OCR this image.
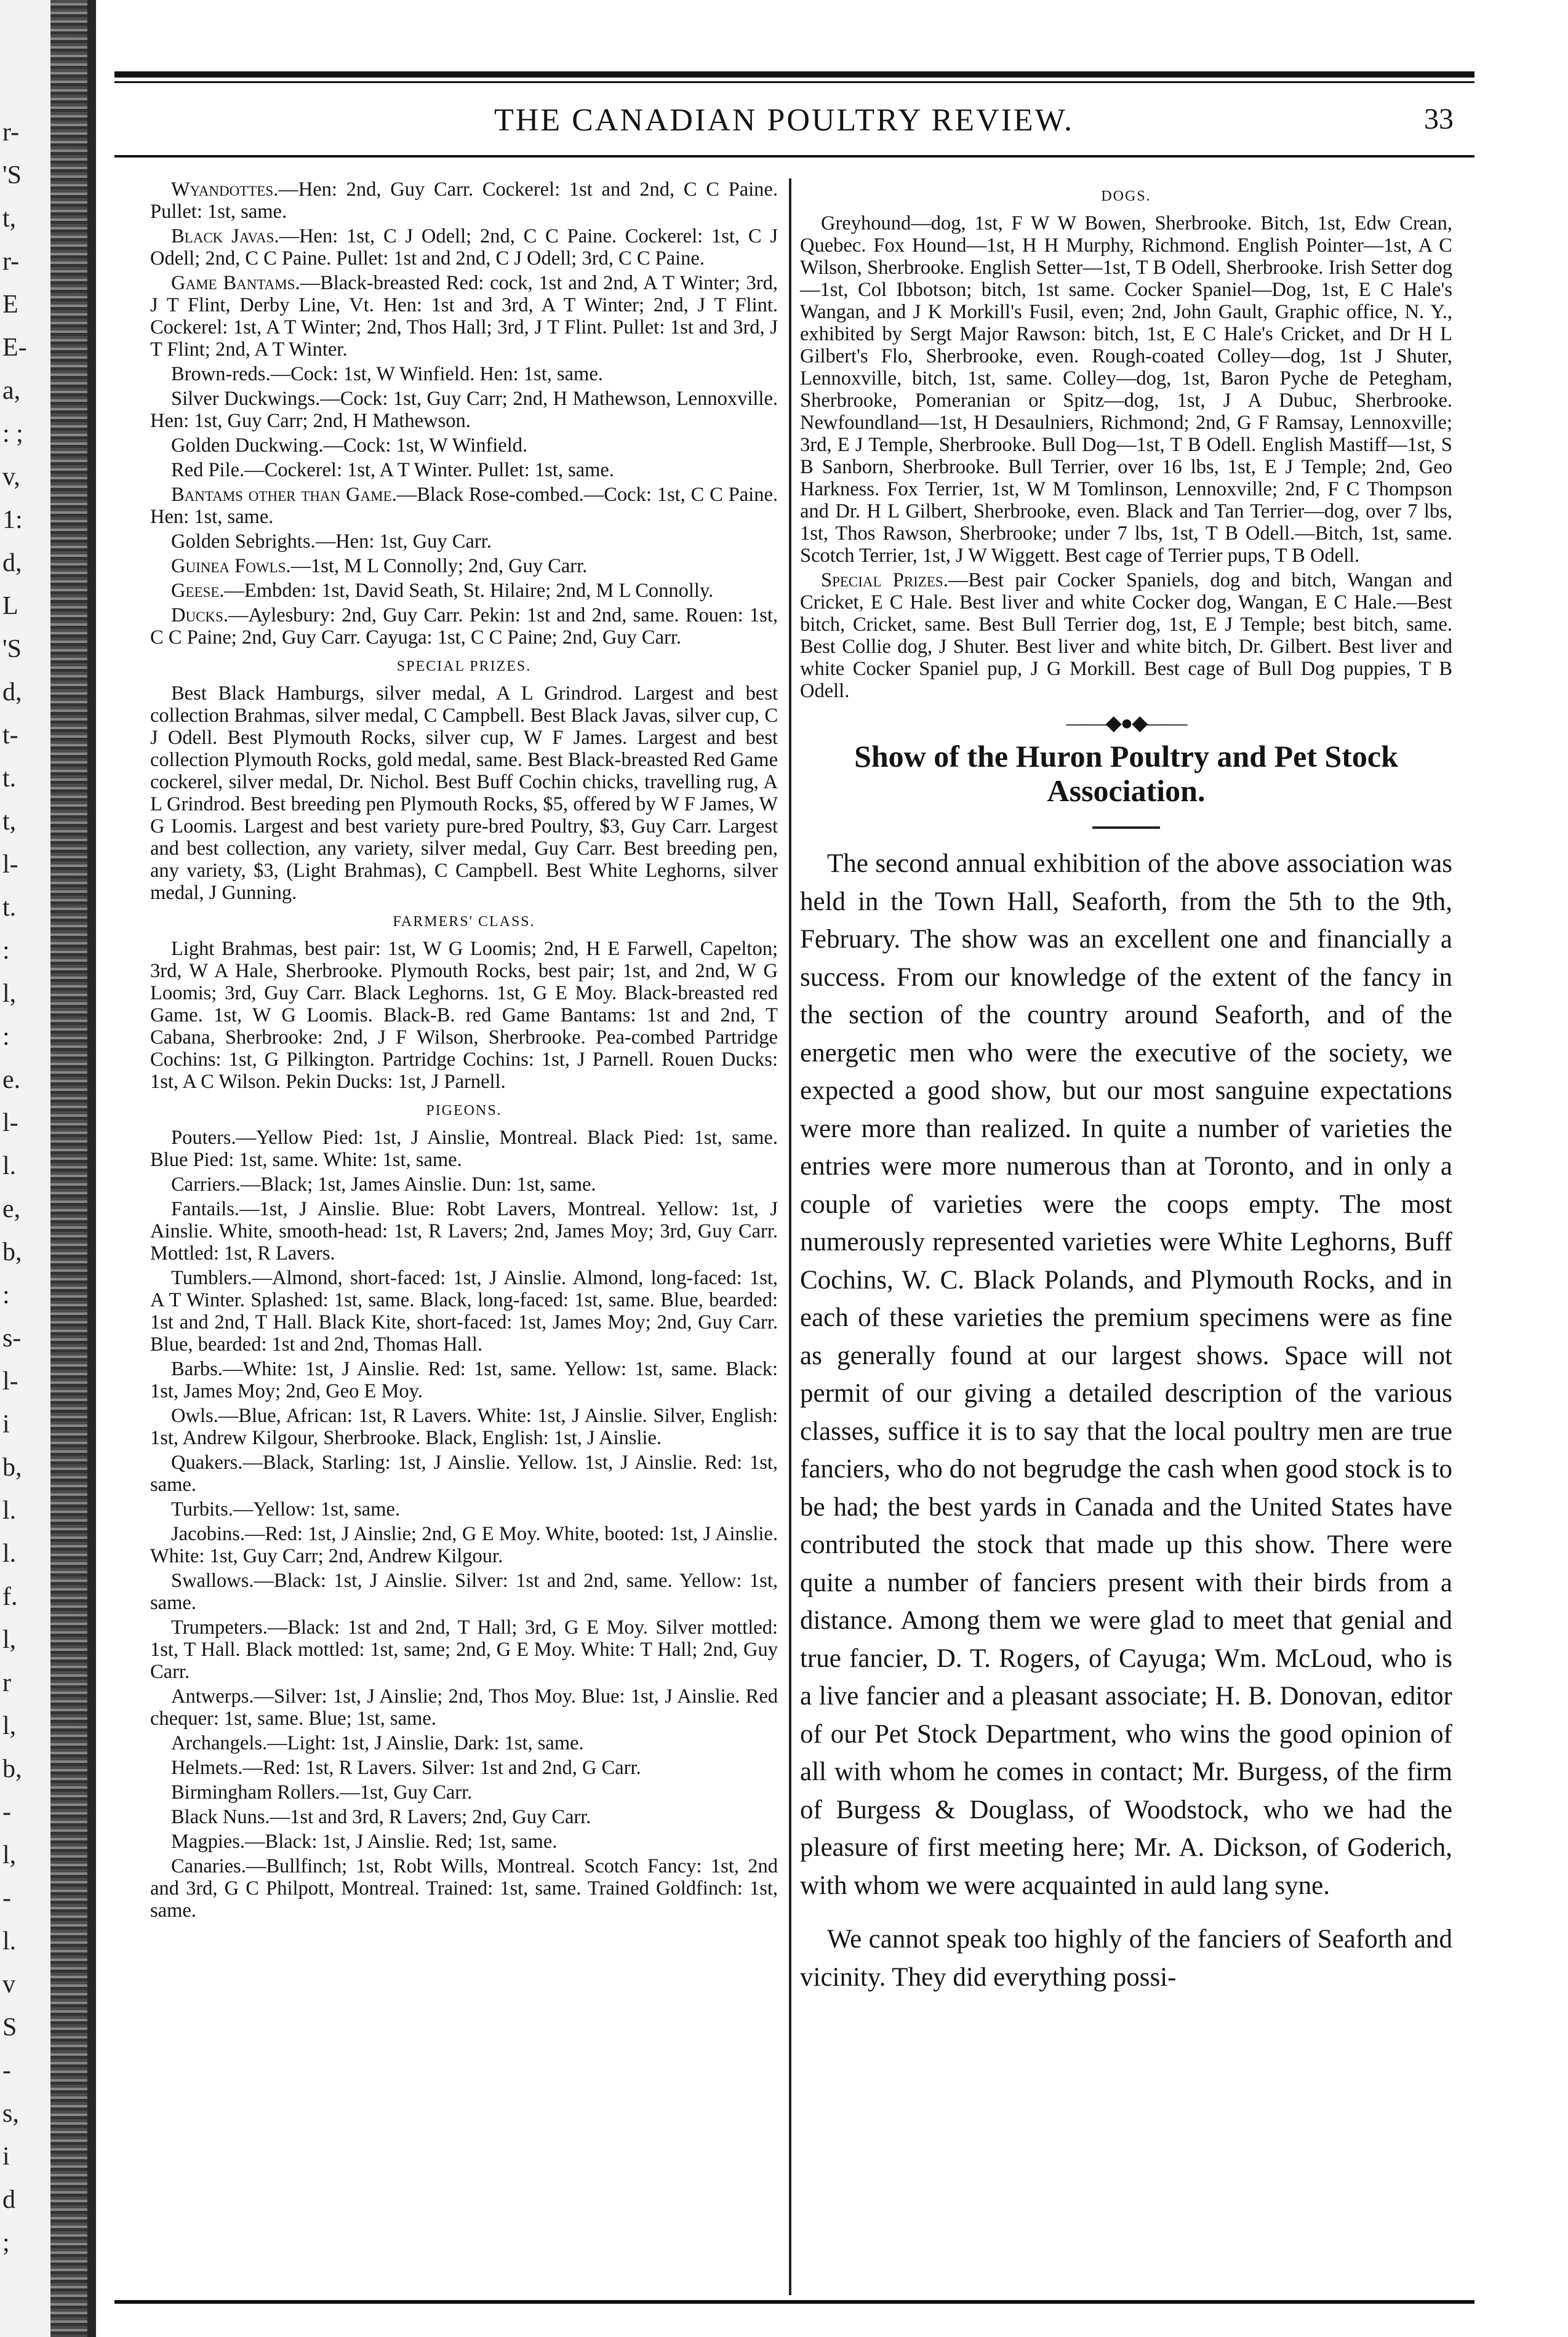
r-
'S
t,
r-
E
E-
a,
: ;
v,
1:
d,
L
'S
d,
t-
t.
t,
l-
t.
:
l,
:
e.
l-
l.
e,
b,
:
s-
l-
i
b,
l.
l.
f.
l,
r
l,
b,
-
l,
-
l.
v
S
-
s,
i
d
;
THE CANADIAN POULTRY REVIEW.	33

Wyandottes.—Hen: 2nd, Guy Carr. Cockerel: 1st and 2nd, C C Paine. Pullet: 1st, same.

Black Javas.—Hen: 1st, C J Odell; 2nd, C C Paine. Cockerel: 1st, C J Odell; 2nd, C C Paine. Pullet: 1st and 2nd, C J Odell; 3rd, C C Paine.

Game Bantams.—Black-breasted Red: cock, 1st and 2nd, A T Winter; 3rd, J T Flint, Derby Line, Vt. Hen: 1st and 3rd, A T Winter; 2nd, J T Flint. Cockerel: 1st, A T Winter; 2nd, Thos Hall; 3rd, J T Flint. Pullet: 1st and 3rd, J T Flint; 2nd, A T Winter.

Brown-reds.—Cock: 1st, W Winfield. Hen: 1st, same.

Silver Duckwings.—Cock: 1st, Guy Carr; 2nd, H Mathewson, Lennoxville. Hen: 1st, Guy Carr; 2nd, H Mathewson.

Golden Duckwing.—Cock: 1st, W Winfield.

Red Pile.—Cockerel: 1st, A T Winter. Pullet: 1st, same.

Bantams other than Game.—Black Rose-combed.—Cock: 1st, C C Paine. Hen: 1st, same.

Golden Sebrights.—Hen: 1st, Guy Carr.

Guinea Fowls.—1st, M L Connolly; 2nd, Guy Carr.

Geese.—Embden: 1st, David Seath, St. Hilaire; 2nd, M L Connolly.

Ducks.—Aylesbury: 2nd, Guy Carr. Pekin: 1st and 2nd, same. Rouen: 1st, C C Paine; 2nd, Guy Carr. Cayuga: 1st, C C Paine; 2nd, Guy Carr.

SPECIAL PRIZES.

Best Black Hamburgs, silver medal, A L Grindrod. Largest and best collection Brahmas, silver medal, C Campbell. Best Black Javas, silver cup, C J Odell. Best Plymouth Rocks, silver cup, W F James. Largest and best collection Plymouth Rocks, gold medal, same. Best Black-breasted Red Game cockerel, silver medal, Dr. Nichol. Best Buff Cochin chicks, travelling rug, A L Grindrod. Best breeding pen Plymouth Rocks, $5, offered by W F James, W G Loomis. Largest and best variety pure-bred Poultry, $3, Guy Carr. Largest and best collection, any variety, silver medal, Guy Carr. Best breeding pen, any variety, $3, (Light Brahmas), C Campbell. Best White Leghorns, silver medal, J Gunning.

FARMERS' CLASS.

Light Brahmas, best pair: 1st, W G Loomis; 2nd, H E Farwell, Capelton; 3rd, W A Hale, Sherbrooke. Plymouth Rocks, best pair; 1st, and 2nd, W G Loomis; 3rd, Guy Carr. Black Leghorns. 1st, G E Moy. Black-breasted red Game. 1st, W G Loomis. Black-B. red Game Bantams: 1st and 2nd, T Cabana, Sherbrooke: 2nd, J F Wilson, Sherbrooke. Pea-combed Partridge Cochins: 1st, G Pilkington. Partridge Cochins: 1st, J Parnell. Rouen Ducks: 1st, A C Wilson. Pekin Ducks: 1st, J Parnell.

PIGEONS.

Pouters.—Yellow Pied: 1st, J Ainslie, Montreal. Black Pied: 1st, same. Blue Pied: 1st, same. White: 1st, same.

Carriers.—Black; 1st, James Ainslie. Dun: 1st, same.

Fantails.—1st, J Ainslie. Blue: Robt Lavers, Montreal. Yellow: 1st, J Ainslie. White, smooth-head: 1st, R Lavers; 2nd, James Moy; 3rd, Guy Carr. Mottled: 1st, R Lavers.

Tumblers.—Almond, short-faced: 1st, J Ainslie. Almond, long-faced: 1st, A T Winter. Splashed: 1st, same. Black, long-faced: 1st, same. Blue, bearded: 1st and 2nd, T Hall. Black Kite, short-faced: 1st, James Moy; 2nd, Guy Carr. Blue, bearded: 1st and 2nd, Thomas Hall.

Barbs.—White: 1st, J Ainslie. Red: 1st, same. Yellow: 1st, same. Black: 1st, James Moy; 2nd, Geo E Moy.

Owls.—Blue, African: 1st, R Lavers. White: 1st, J Ainslie. Silver, English: 1st, Andrew Kilgour, Sherbrooke. Black, English: 1st, J Ainslie.

Quakers.—Black, Starling: 1st, J Ainslie. Yellow. 1st, J Ainslie. Red: 1st, same.

Turbits.—Yellow: 1st, same.

Jacobins.—Red: 1st, J Ainslie; 2nd, G E Moy. White, booted: 1st, J Ainslie. White: 1st, Guy Carr; 2nd, Andrew Kilgour.

Swallows.—Black: 1st, J Ainslie. Silver: 1st and 2nd, same. Yellow: 1st, same.

Trumpeters.—Black: 1st and 2nd, T Hall; 3rd, G E Moy. Silver mottled: 1st, T Hall. Black mottled: 1st, same; 2nd, G E Moy. White: T Hall; 2nd, Guy Carr.

Antwerps.—Silver: 1st, J Ainslie; 2nd, Thos Moy. Blue: 1st, J Ainslie. Red chequer: 1st, same. Blue; 1st, same.

Archangels.—Light: 1st, J Ainslie, Dark: 1st, same.

Helmets.—Red: 1st, R Lavers. Silver: 1st and 2nd, G Carr.

Birmingham Rollers.—1st, Guy Carr.

Black Nuns.—1st and 3rd, R Lavers; 2nd, Guy Carr.

Magpies.—Black: 1st, J Ainslie. Red; 1st, same.

Canaries.—Bullfinch; 1st, Robt Wills, Montreal. Scotch Fancy: 1st, 2nd and 3rd, G C Philpott, Montreal. Trained: 1st, same. Trained Goldfinch: 1st, same.

DOGS.

Greyhound—dog, 1st, F W W Bowen, Sherbrooke. Bitch, 1st, Edw Crean, Quebec. Fox Hound—1st, H H Murphy, Richmond. English Pointer—1st, A C Wilson, Sherbrooke. English Setter—1st, T B Odell, Sherbrooke. Irish Setter dog—1st, Col Ibbotson; bitch, 1st same. Cocker Spaniel—Dog, 1st, E C Hale's Wangan, and J K Morkill's Fusil, even; 2nd, John Gault, Graphic office, N. Y., exhibited by Sergt Major Rawson: bitch, 1st, E C Hale's Cricket, and Dr H L Gilbert's Flo, Sherbrooke, even. Rough-coated Colley—dog, 1st J Shuter, Lennoxville, bitch, 1st, same. Colley—dog, 1st, Baron Pyche de Petegham, Sherbrooke, Pomeranian or Spitz—dog, 1st, J A Dubuc, Sherbrooke. Newfoundland—1st, H Desaulniers, Richmond; 2nd, G F Ramsay, Lennoxville; 3rd, E J Temple, Sherbrooke. Bull Dog—1st, T B Odell. English Mastiff—1st, S B Sanborn, Sherbrooke. Bull Terrier, over 16 lbs, 1st, E J Temple; 2nd, Geo Harkness. Fox Terrier, 1st, W M Tomlinson, Lennoxville; 2nd, F C Thompson and Dr. H L Gilbert, Sherbrooke, even. Black and Tan Terrier—dog, over 7 lbs, 1st, Thos Rawson, Sherbrooke; under 7 lbs, 1st, T B Odell.—Bitch, 1st, same. Scotch Terrier, 1st, J W Wiggett. Best cage of Terrier pups, T B Odell.

Special Prizes.—Best pair Cocker Spaniels, dog and bitch, Wangan and Cricket, E C Hale. Best liver and white Cocker dog, Wangan, E C Hale.—Best bitch, Cricket, same. Best Bull Terrier dog, 1st, E J Temple; best bitch, same. Best Collie dog, J Shuter. Best liver and white bitch, Dr. Gilbert. Best liver and white Cocker Spaniel pup, J G Morkill. Best cage of Bull Dog puppies, T B Odell.

——◆●◆——
Show of the Huron Poultry and Pet Stock Association.

The second annual exhibition of the above association was held in the Town Hall, Seaforth, from the 5th to the 9th, February. The show was an excellent one and financially a success. From our knowledge of the extent of the fancy in the section of the country around Seaforth, and of the energetic men who were the executive of the society, we expected a good show, but our most sanguine expectations were more than realized. In quite a number of varieties the entries were more numerous than at Toronto, and in only a couple of varieties were the coops empty. The most numerously represented varieties were White Leghorns, Buff Cochins, W. C. Black Polands, and Plymouth Rocks, and in each of these varieties the premium specimens were as fine as generally found at our largest shows. Space will not permit of our giving a detailed description of the various classes, suffice it is to say that the local poultry men are true fanciers, who do not begrudge the cash when good stock is to be had; the best yards in Canada and the United States have contributed the stock that made up this show. There were quite a number of fanciers present with their birds from a distance. Among them we were glad to meet that genial and true fancier, D. T. Rogers, of Cayuga; Wm. McLoud, who is a live fancier and a pleasant associate; H. B. Donovan, editor of our Pet Stock Department, who wins the good opinion of all with whom he comes in contact; Mr. Burgess, of the firm of Burgess & Douglass, of Woodstock, who we had the pleasure of first meeting here; Mr. A. Dickson, of Goderich, with whom we were acquainted in auld lang syne.

We cannot speak too highly of the fanciers of Seaforth and vicinity. They did everything possi-
